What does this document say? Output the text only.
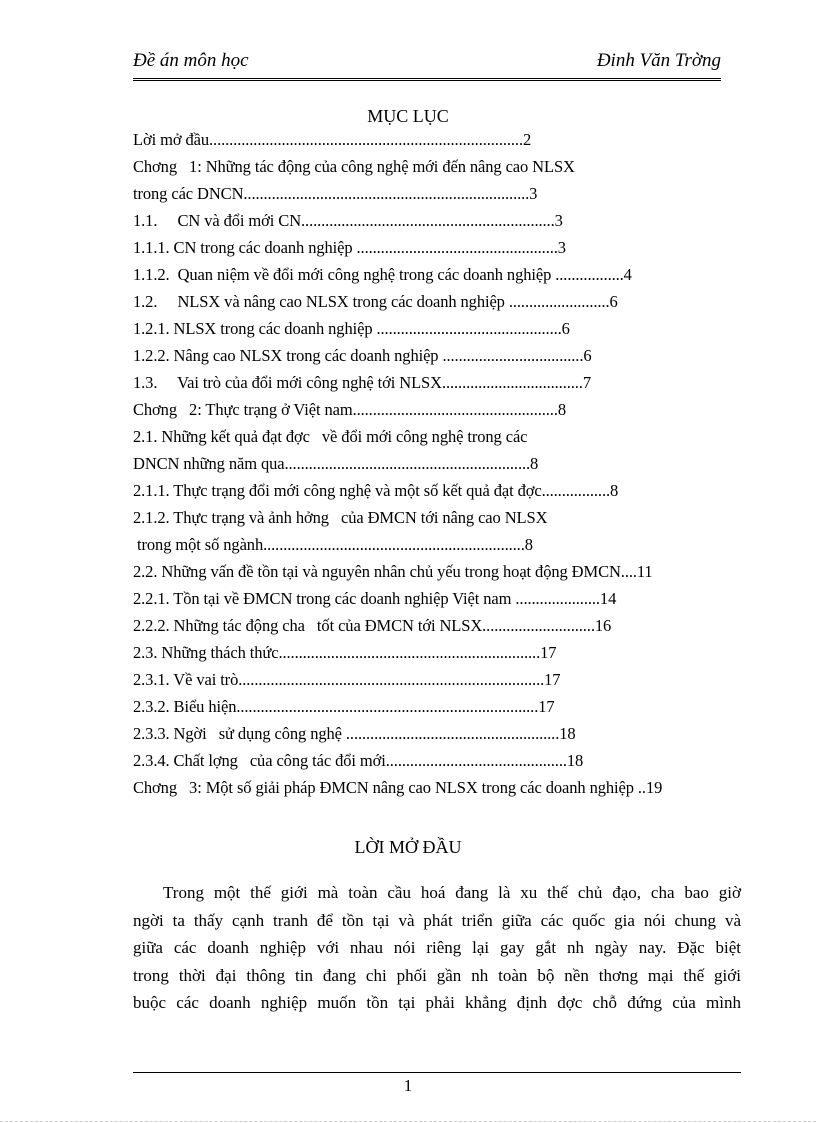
Đề án môn học	Đinh Văn Trờng
MỤC LỤC
Lời mở đầu..............................................................................2
Chơng   1: Những tác động của công nghệ mới đến nâng cao NLSX
trong các DNCN.......................................................................3
1.1.     CN và đổi mới CN...............................................................3
1.1.1. CN trong các doanh nghiệp ..................................................3
1.1.2.  Quan niệm về đổi mới công nghệ trong các doanh nghiệp .................4
1.2.     NLSX và nâng cao NLSX trong các doanh nghiệp .........................6
1.2.1. NLSX trong các doanh nghiệp ..............................................6
1.2.2. Nâng cao NLSX trong các doanh nghiệp ...................................6
1.3.     Vai trò của đổi mới công nghệ tới NLSX...................................7
Chơng   2: Thực trạng ở Việt nam...................................................8
2.1. Những kết quả đạt đợc   về đổi mới công nghệ trong các
DNCN những năm qua.............................................................8
2.1.1. Thực trạng đổi mới công nghệ và một số kết quả đạt đợc.................8
2.1.2. Thực trạng và ảnh hởng   của ĐMCN tới nâng cao NLSX
trong một số ngành.................................................................8
2.2. Những vấn đề tồn tại và nguyên nhân chủ yếu trong hoạt động ĐMCN....11
2.2.1. Tồn tại về ĐMCN trong các doanh nghiệp Việt nam .....................14
2.2.2. Những tác động cha   tốt của ĐMCN tới NLSX............................16
2.3. Những thách thức.................................................................17
2.3.1. Về vai trò............................................................................17
2.3.2. Biểu hiện...........................................................................17
2.3.3. Ngời   sử dụng công nghệ .....................................................18
2.3.4. Chất lợng   của công tác đổi mới.............................................18
Chơng   3: Một số giải pháp ĐMCN nâng cao NLSX trong các doanh nghiệp ..19
LỜI MỞ ĐẦU
Trong một thế giới mà toàn cầu hoá đang là xu thế chủ đạo, cha bao giờ
ngời ta thấy cạnh tranh để tồn tại và phát triển giữa các quốc gia nói chung và
giữa các doanh nghiệp với nhau nói riêng lại gay gắt nh ngày nay. Đặc biệt
trong thời đại thông tin đang chi phối gần nh toàn bộ nền thơng mại thế giới
buộc các doanh nghiệp muốn tồn tại phải khẳng định đợc chỗ đứng của mình
1
